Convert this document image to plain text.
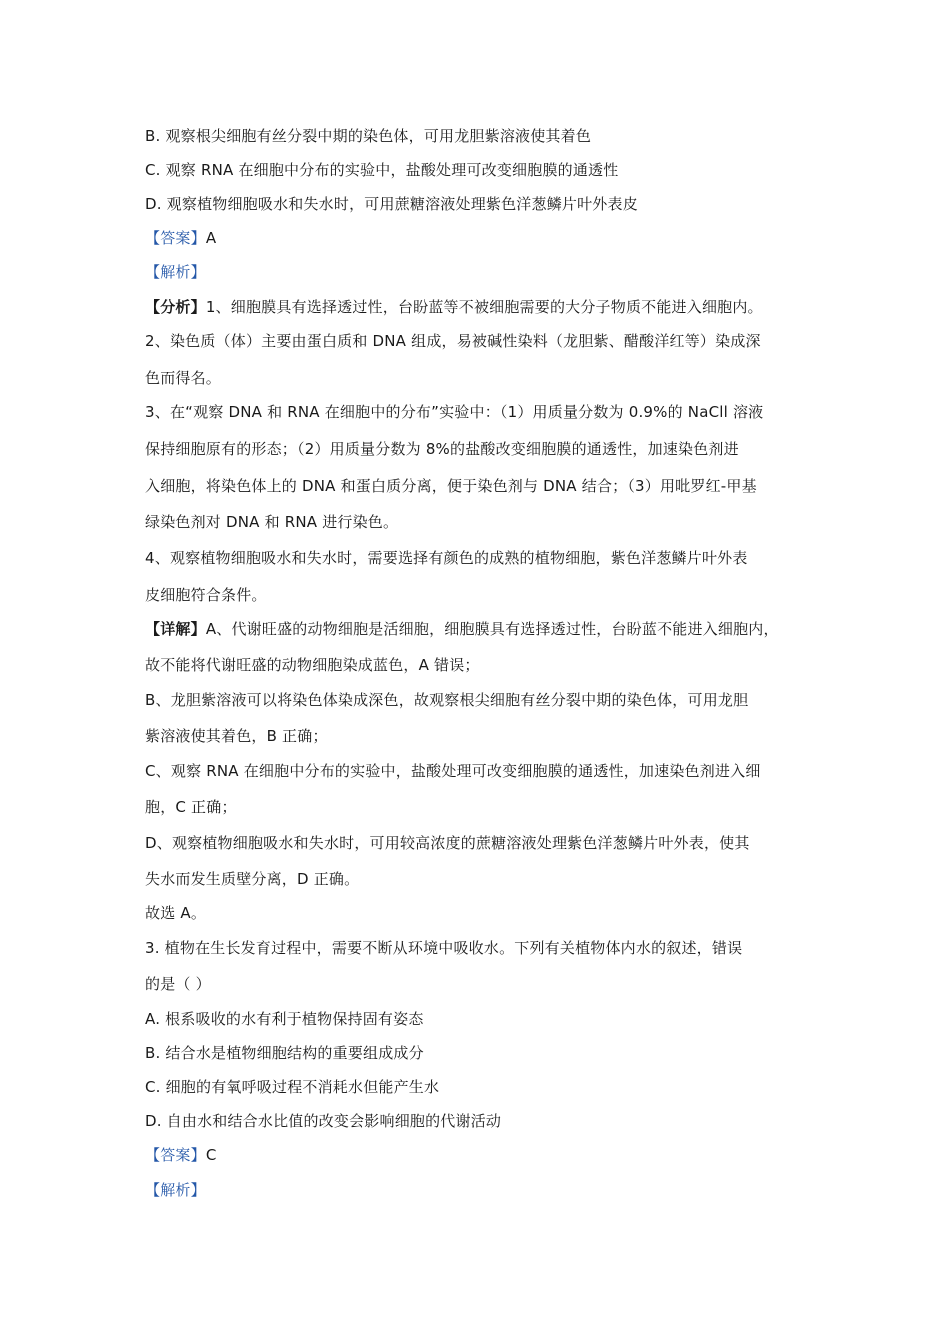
B. 观察根尖细胞有丝分裂中期的染色体，可用龙胆紫溶液使其着色
C. 观察 RNA 在细胞中分布的实验中，盐酸处理可改变细胞膜的通透性
D. 观察植物细胞吸水和失水时，可用蔗糖溶液处理紫色洋葱鳞片叶外表皮
【答案】A
【解析】
【分析】1、细胞膜具有选择透过性，台盼蓝等不被细胞需要的大分子物质不能进入细胞内。
2、染色质（体）主要由蛋白质和 DNA 组成，易被碱性染料（龙胆紫、醋酸洋红等）染成深
色而得名。
3、在“观察 DNA 和 RNA 在细胞中的分布”实验中：（1）用质量分数为 0.9%的 NaCll 溶液
保持细胞原有的形态；（2）用质量分数为 8%的盐酸改变细胞膜的通透性，加速染色剂进
入细胞，将染色体上的 DNA 和蛋白质分离，便于染色剂与 DNA 结合；（3）用吡罗红-甲基
绿染色剂对 DNA 和 RNA 进行染色。
4、观察植物细胞吸水和失水时，需要选择有颜色的成熟的植物细胞，紫色洋葱鳞片叶外表
皮细胞符合条件。
【详解】A、代谢旺盛的动物细胞是活细胞，细胞膜具有选择透过性，台盼蓝不能进入细胞内，
故不能将代谢旺盛的动物细胞染成蓝色，A 错误；
B、龙胆紫溶液可以将染色体染成深色，故观察根尖细胞有丝分裂中期的染色体，可用龙胆
紫溶液使其着色，B 正确；
C、观察 RNA 在细胞中分布的实验中，盐酸处理可改变细胞膜的通透性，加速染色剂进入细
胞，C 正确；
D、观察植物细胞吸水和失水时，可用较高浓度的蔗糖溶液处理紫色洋葱鳞片叶外表，使其
失水而发生质壁分离，D 正确。
故选 A。
3. 植物在生长发育过程中，需要不断从环境中吸收水。下列有关植物体内水的叙述，错误
的是（ ）
A. 根系吸收的水有利于植物保持固有姿态
B. 结合水是植物细胞结构的重要组成成分
C. 细胞的有氧呼吸过程不消耗水但能产生水
D. 自由水和结合水比值的改变会影响细胞的代谢活动
【答案】C
【解析】
